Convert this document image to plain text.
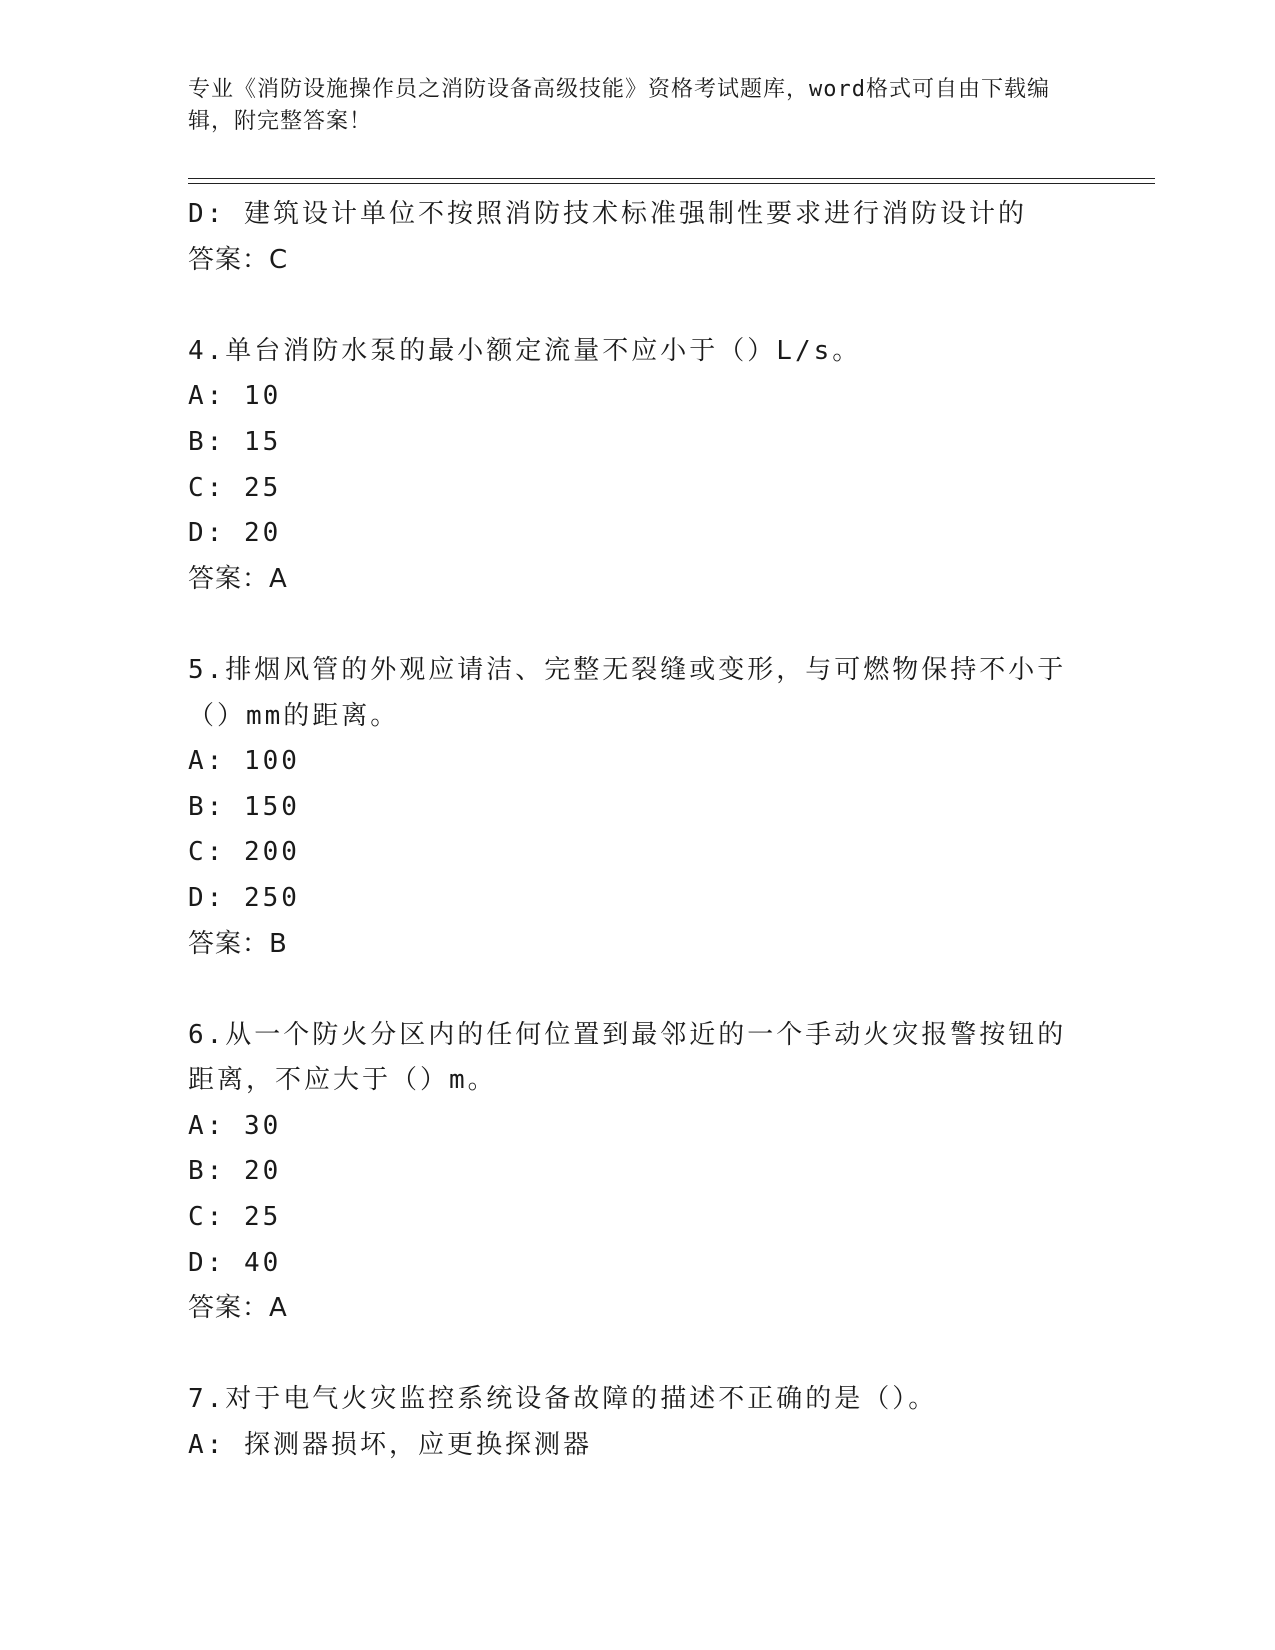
专业《消防设施操作员之消防设备高级技能》资格考试题库，word格式可自由下载编辑，附完整答案！
D: 建筑设计单位不按照消防技术标准强制性要求进行消防设计的
答案：C
4.单台消防水泵的最小额定流量不应小于（）L/s。
A: 10
B: 15
C: 25
D: 20
答案：A
5.排烟风管的外观应请洁、完整无裂缝或变形，与可燃物保持不小于（）mm的距离。
A: 100
B: 150
C: 200
D: 250
答案：B
6.从一个防火分区内的任何位置到最邻近的一个手动火灾报警按钮的距离，不应大于（）m。
A: 30
B: 20
C: 25
D: 40
答案：A
7.对于电气火灾监控系统设备故障的描述不正确的是（）。
A: 探测器损坏，应更换探测器
